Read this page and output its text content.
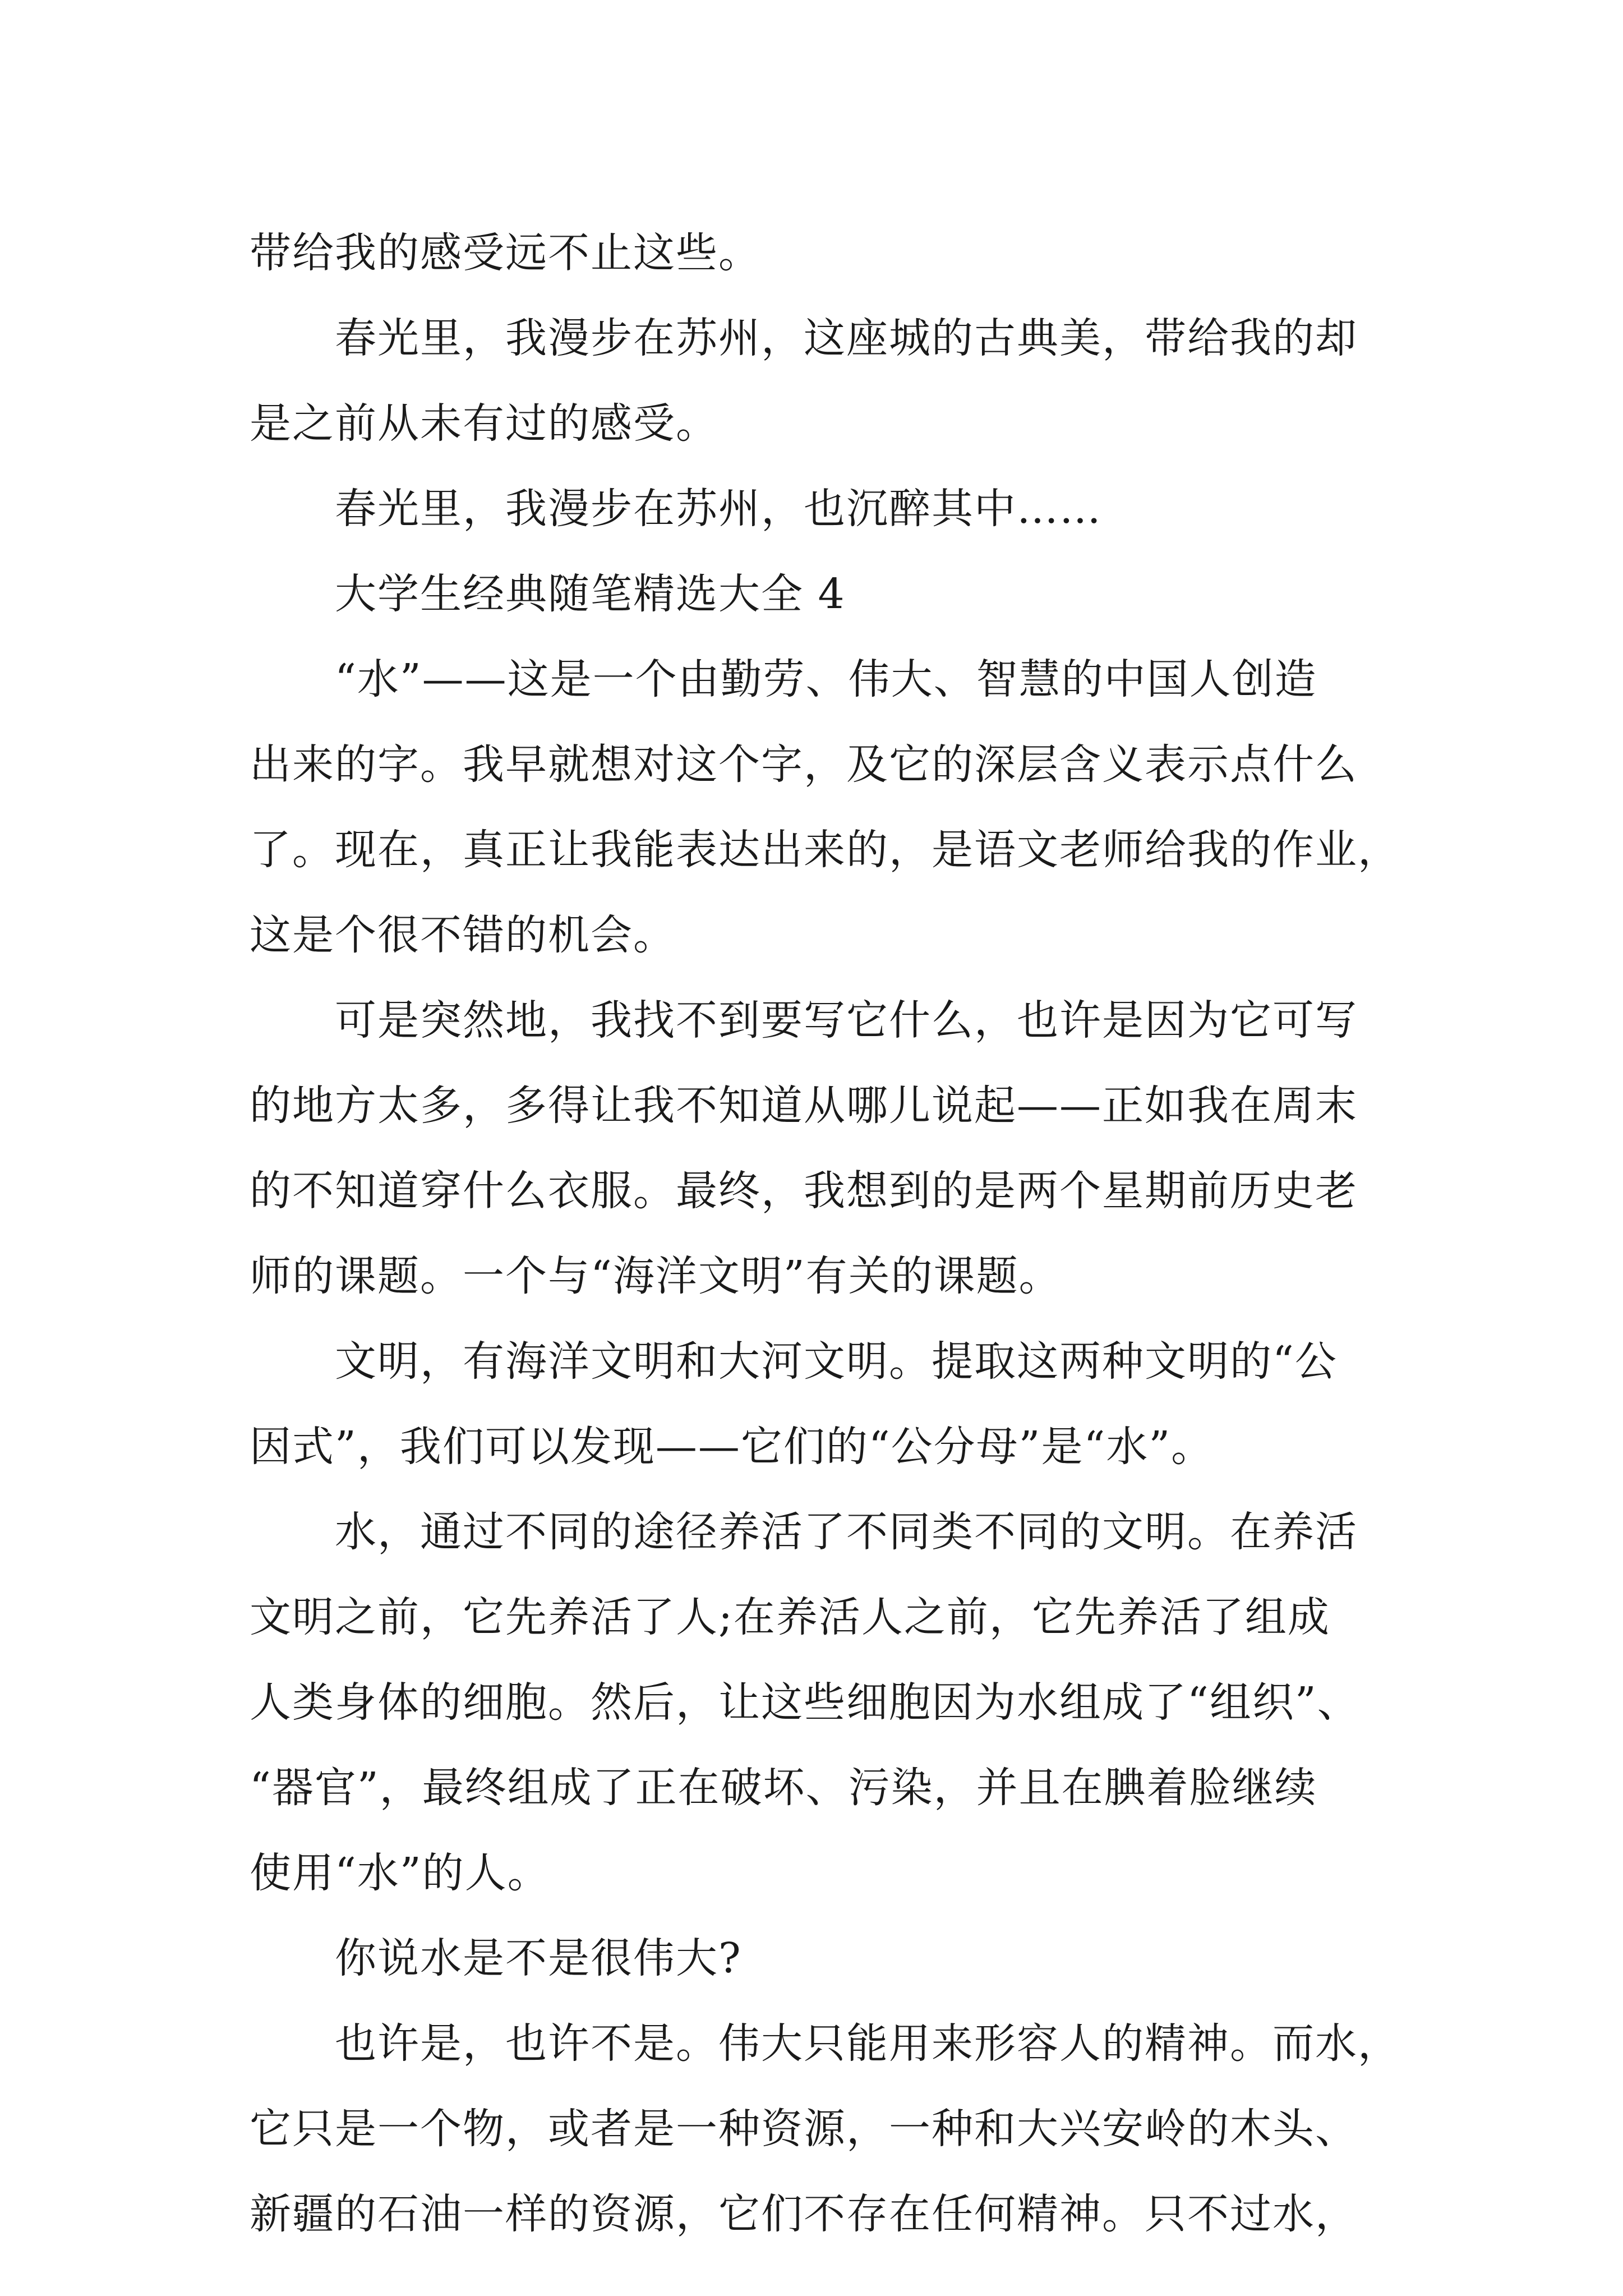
带给我的感受远不止这些。
春光里，我漫步在苏州，这座城的古典美，带给我的却
是之前从未有过的感受。
春光里，我漫步在苏州，也沉醉其中……
大学生经典随笔精选大全 4
“水”——这是一个由勤劳、伟大、智慧的中国人创造
出来的字。我早就想对这个字，及它的深层含义表示点什么
了。现在，真正让我能表达出来的，是语文老师给我的作业，
这是个很不错的机会。
可是突然地，我找不到要写它什么，也许是因为它可写
的地方太多，多得让我不知道从哪儿说起——正如我在周末
的不知道穿什么衣服。最终，我想到的是两个星期前历史老
师的课题。一个与“海洋文明”有关的课题。
文明，有海洋文明和大河文明。提取这两种文明的“公
因式”，我们可以发现——它们的“公分母”是“水”。
水，通过不同的途径养活了不同类不同的文明。在养活
文明之前，它先养活了人;在养活人之前，它先养活了组成
人类身体的细胞。然后，让这些细胞因为水组成了“组织”、
“器官”，最终组成了正在破坏、污染，并且在腆着脸继续
使用“水”的人。
你说水是不是很伟大?
也许是，也许不是。伟大只能用来形容人的精神。而水，
它只是一个物，或者是一种资源，一种和大兴安岭的木头、
新疆的石油一样的资源，它们不存在任何精神。只不过水，
